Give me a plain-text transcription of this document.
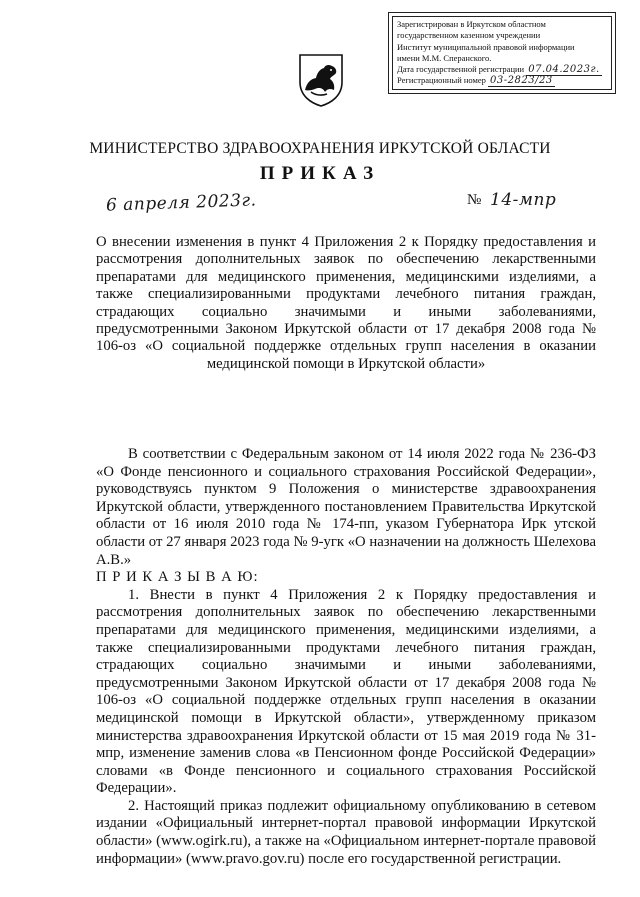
Зарегистрирован в Иркутском областном
государственном казенном учреждении
Институт муниципальной правовой информации
имени М.М. Сперанского.
Дата государственной регистрации 07.04.2023г.
Регистрационный номер 03-2823/23
МИНИСТЕРСТВО ЗДРАВООХРАНЕНИЯ ИРКУТСКОЙ ОБЛАСТИ
ПРИКАЗ
6 апреля 2023г.	№ 14-мпр
О внесении изменения в пункт 4 Приложения 2 к Порядку предоставления и рассмотрения дополнительных заявок по обеспечению лекарственными препаратами для медицинского применения, медицинскими изделиями, а также специализированными продуктами лечебного питания граждан, страдающих социально значимыми и иными заболеваниями, предусмотренными Законом Иркутской области от 17 декабря 2008 года № 106-оз «О социальной поддержке отдельных групп населения в оказании медицинской помощи в Иркутской области»

В соответствии с Федеральным законом от 14 июля 2022 года № 236-ФЗ «О Фонде пенсионного и социального страхования Российской Федерации», руководствуясь пунктом 9 Положения о министерстве здравоохранения Иркутской области, утвержденного постановлением Правительства Иркутской области от 16 июля 2010 года № 174-пп, указом Губернатора Ирк утской области от 27 января 2023 года № 9-угк «О назначении на должность Шелехова А.В.»

П Р И К А З Ы В А Ю:

1. Внести в пункт 4 Приложения 2 к Порядку предоставления и рассмотрения дополнительных заявок по обеспечению лекарственными препаратами для медицинского применения, медицинскими изделиями, а также специализированными продуктами лечебного питания граждан, страдающих социально значимыми и иными заболеваниями, предусмотренными Законом Иркутской области от 17 декабря 2008 года № 106-оз «О социальной поддержке отдельных групп населения в оказании медицинской помощи в Иркутской области», утвержденному приказом министерства здравоохранения Иркутской области от 15 мая 2019 года № 31-мпр, изменение заменив слова «в Пенсионном фонде Российской Федерации» словами «в Фонде пенсионного и социального страхования Российской Федерации».

2. Настоящий приказ подлежит официальному опубликованию в сетевом издании «Официальный интернет-портал правовой информации Иркутской области» (www.ogirk.ru), а также на «Официальном интернет-портале правовой информации» (www.pravo.gov.ru) после его государственной регистрации.
